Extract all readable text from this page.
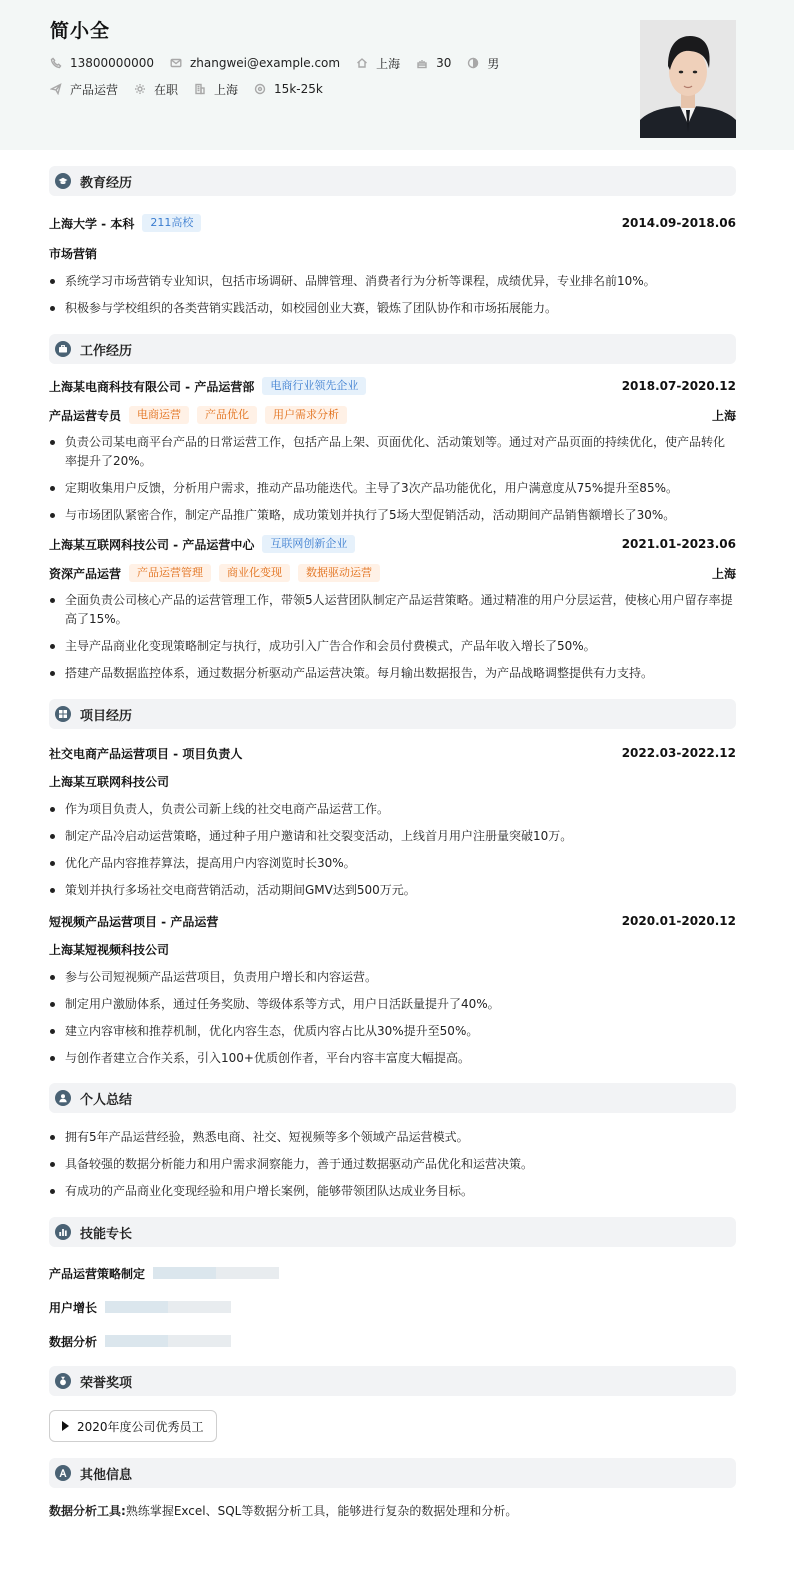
简小全
13800000000	zhangwei@example.com	上海	30	男
产品运营	在职	上海	15k-25k
教育经历
上海大学 - 本科	211高校	2014.09-2018.06
市场营销
系统学习市场营销专业知识，包括市场调研、品牌管理、消费者行为分析等课程，成绩优异，专业排名前10%。
积极参与学校组织的各类营销实践活动，如校园创业大赛，锻炼了团队协作和市场拓展能力。
工作经历
上海某电商科技有限公司 - 产品运营部	电商行业领先企业	2018.07-2020.12
产品运营专员	电商运营	产品优化	用户需求分析	上海
负责公司某电商平台产品的日常运营工作，包括产品上架、页面优化、活动策划等。通过对产品页面的持续优化，使产品转化率提升了20%。
定期收集用户反馈，分析用户需求，推动产品功能迭代。主导了3次产品功能优化，用户满意度从75%提升至85%。
与市场团队紧密合作，制定产品推广策略，成功策划并执行了5场大型促销活动，活动期间产品销售额增长了30%。
上海某互联网科技公司 - 产品运营中心	互联网创新企业	2021.01-2023.06
资深产品运营	产品运营管理	商业化变现	数据驱动运营	上海
全面负责公司核心产品的运营管理工作，带领5人运营团队制定产品运营策略。通过精准的用户分层运营，使核心用户留存率提高了15%。
主导产品商业化变现策略制定与执行，成功引入广告合作和会员付费模式，产品年收入增长了50%。
搭建产品数据监控体系，通过数据分析驱动产品运营决策。每月输出数据报告，为产品战略调整提供有力支持。
项目经历
社交电商产品运营项目 - 项目负责人	2022.03-2022.12
上海某互联网科技公司
作为项目负责人，负责公司新上线的社交电商产品运营工作。
制定产品冷启动运营策略，通过种子用户邀请和社交裂变活动，上线首月用户注册量突破10万。
优化产品内容推荐算法，提高用户内容浏览时长30%。
策划并执行多场社交电商营销活动，活动期间GMV达到500万元。
短视频产品运营项目 - 产品运营	2020.01-2020.12
上海某短视频科技公司
参与公司短视频产品运营项目，负责用户增长和内容运营。
制定用户激励体系，通过任务奖励、等级体系等方式，用户日活跃量提升了40%。
建立内容审核和推荐机制，优化内容生态，优质内容占比从30%提升至50%。
与创作者建立合作关系，引入100+优质创作者，平台内容丰富度大幅提高。
个人总结
拥有5年产品运营经验，熟悉电商、社交、短视频等多个领域产品运营模式。
具备较强的数据分析能力和用户需求洞察能力，善于通过数据驱动产品优化和运营决策。
有成功的产品商业化变现经验和用户增长案例，能够带领团队达成业务目标。
技能专长
产品运营策略制定
用户增长
数据分析
荣誉奖项
2020年度公司优秀员工
其他信息
数据分析工具:熟练掌握Excel、SQL等数据分析工具，能够进行复杂的数据处理和分析。
